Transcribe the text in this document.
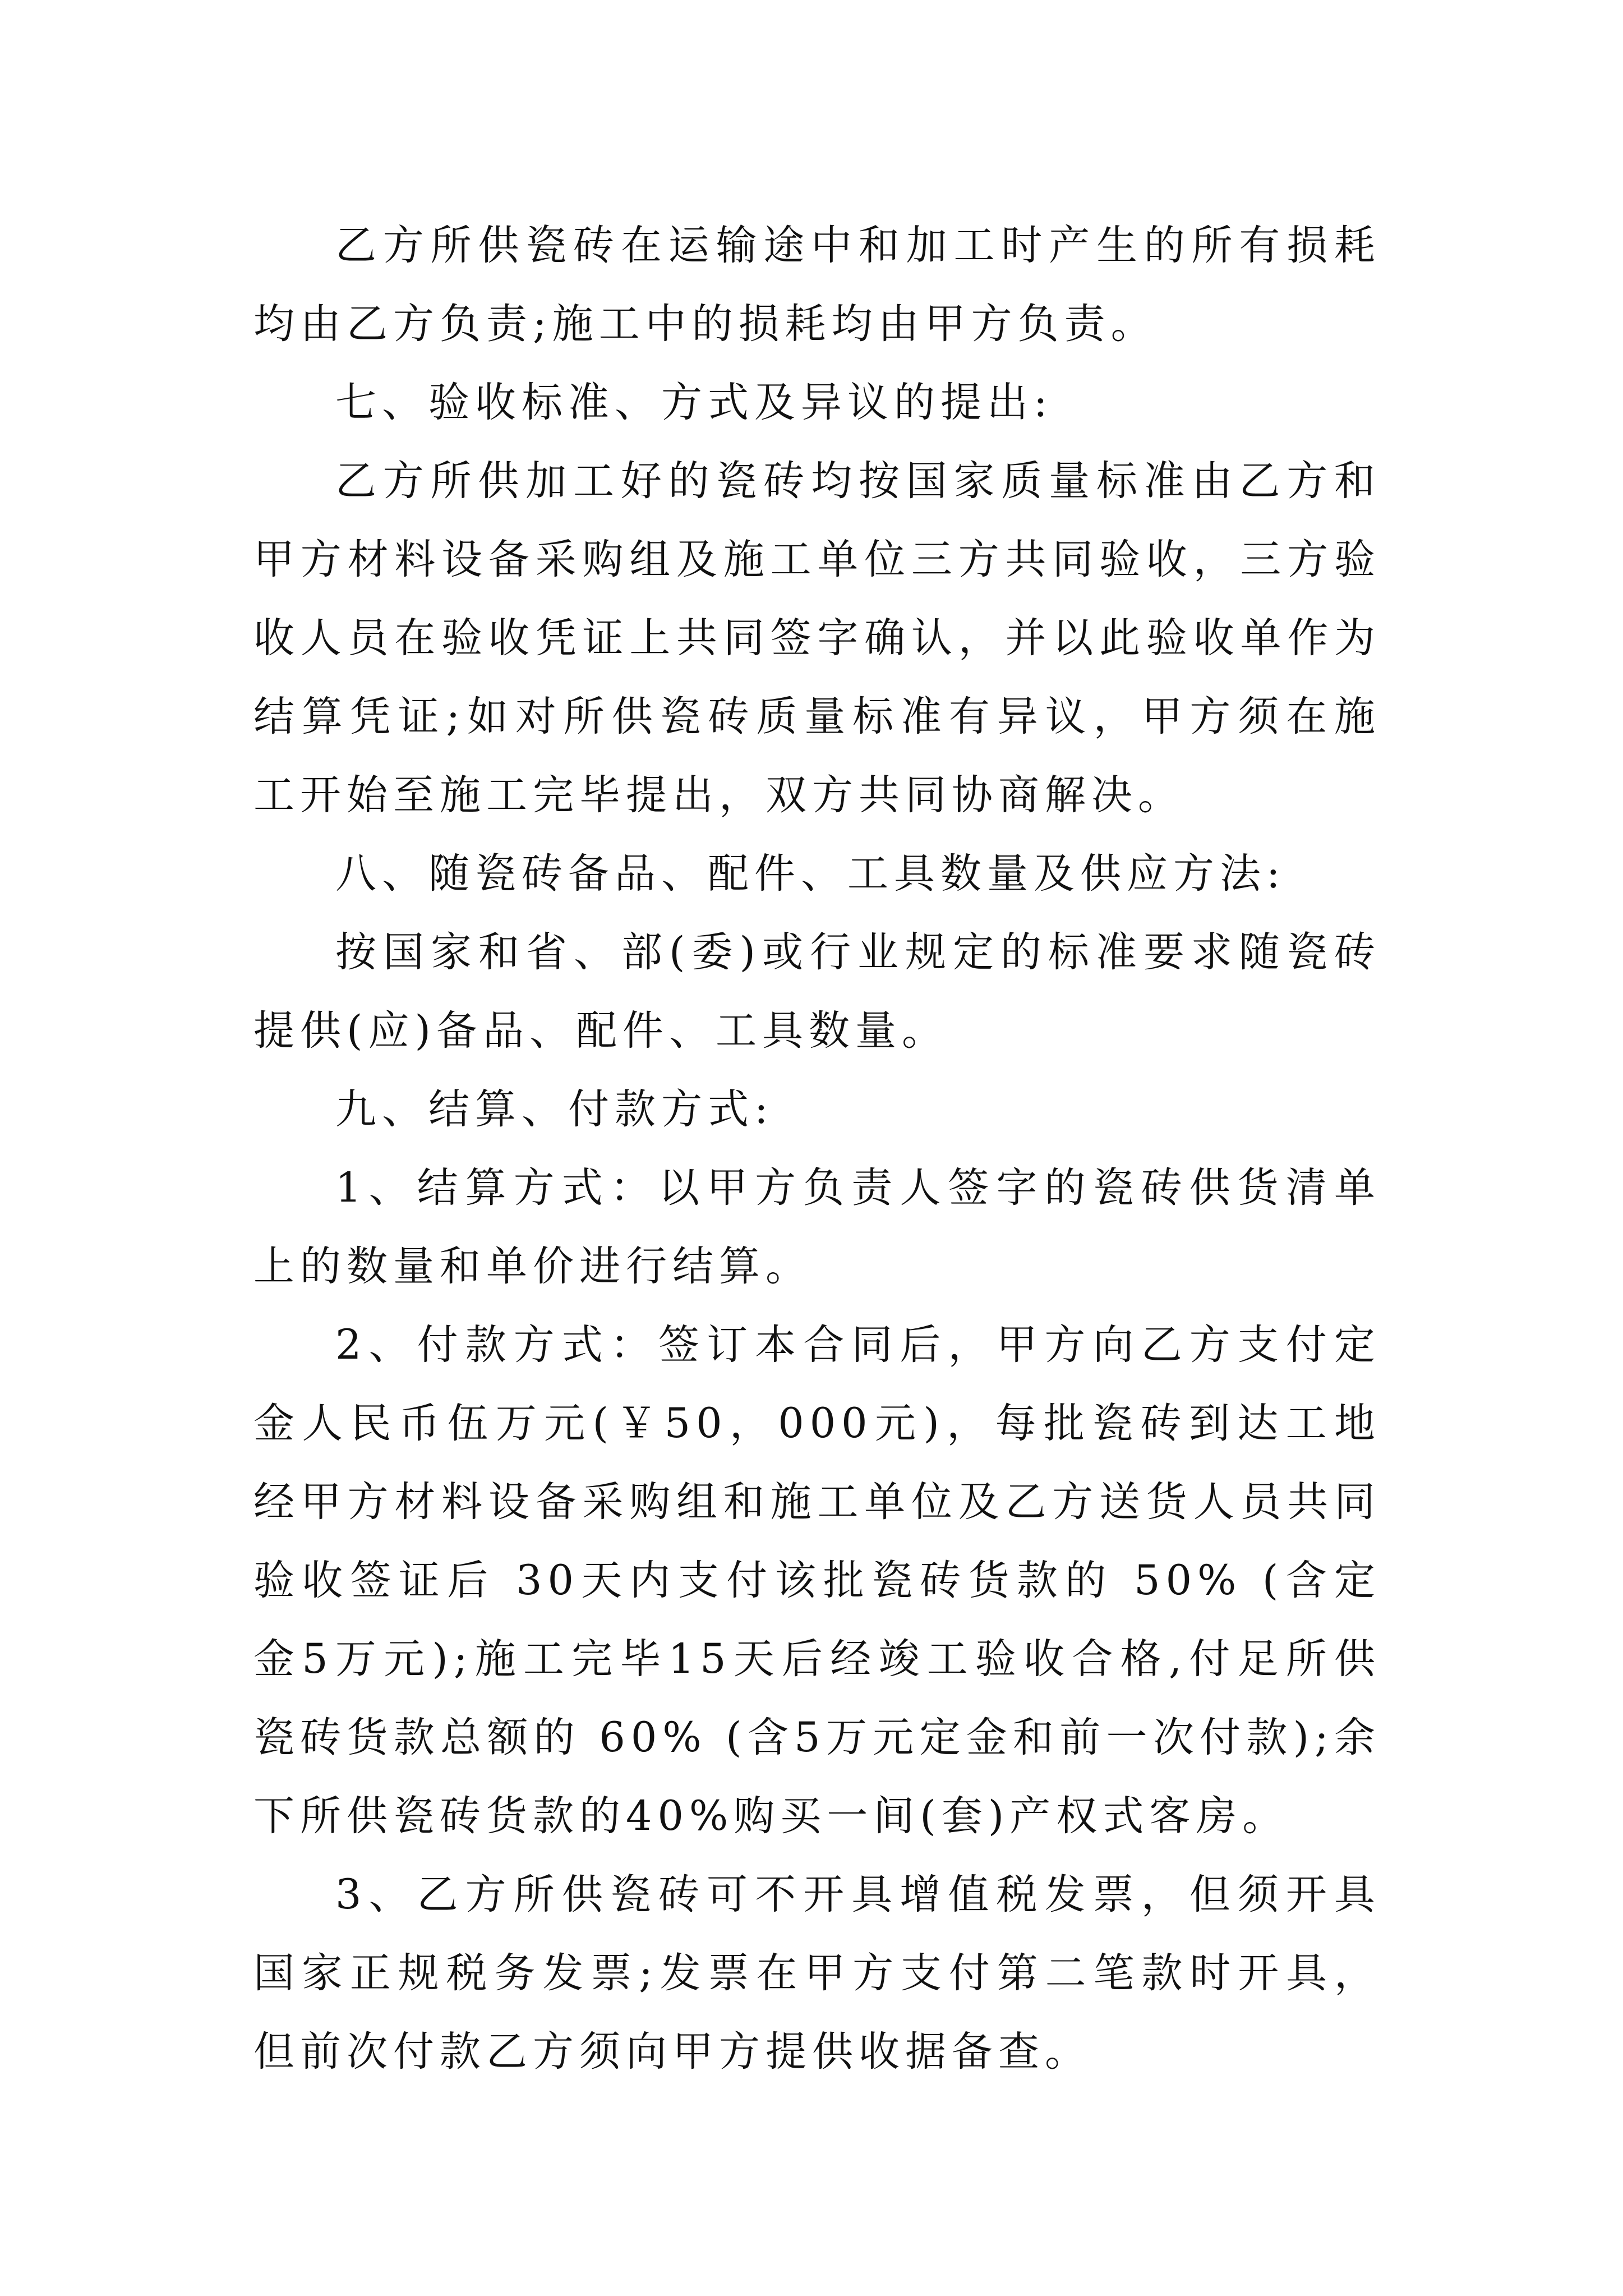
乙方所供瓷砖在运输途中和加工时产生的所有损耗均由乙方负责;施工中的损耗均由甲方负责。

七、验收标准、方式及异议的提出:

乙方所供加工好的瓷砖均按国家质量标准由乙方和甲方材料设备采购组及施工单位三方共同验收，三方验收人员在验收凭证上共同签字确认，并以此验收单作为结算凭证;如对所供瓷砖质量标准有异议，甲方须在施工开始至施工完毕提出，双方共同协商解决。

八、随瓷砖备品、配件、工具数量及供应方法:

按国家和省、部(委)或行业规定的标准要求随瓷砖提供(应)备品、配件、工具数量。

九、结算、付款方式:

1、结算方式：以甲方负责人签字的瓷砖供货清单上的数量和单价进行结算。

2、付款方式：签订本合同后，甲方向乙方支付定金人民币伍万元(￥50，000元)，每批瓷砖到达工地经甲方材料设备采购组和施工单位及乙方送货人员共同验收签证后 30天内支付该批瓷砖货款的 50% (含定金5万元);施工完毕15天后经竣工验收合格,付足所供瓷砖货款总额的 60% (含5万元定金和前一次付款);余下所供瓷砖货款的40%购买一间(套)产权式客房。

3、乙方所供瓷砖可不开具增值税发票，但须开具国家正规税务发票;发票在甲方支付第二笔款时开具，但前次付款乙方须向甲方提供收据备查。
